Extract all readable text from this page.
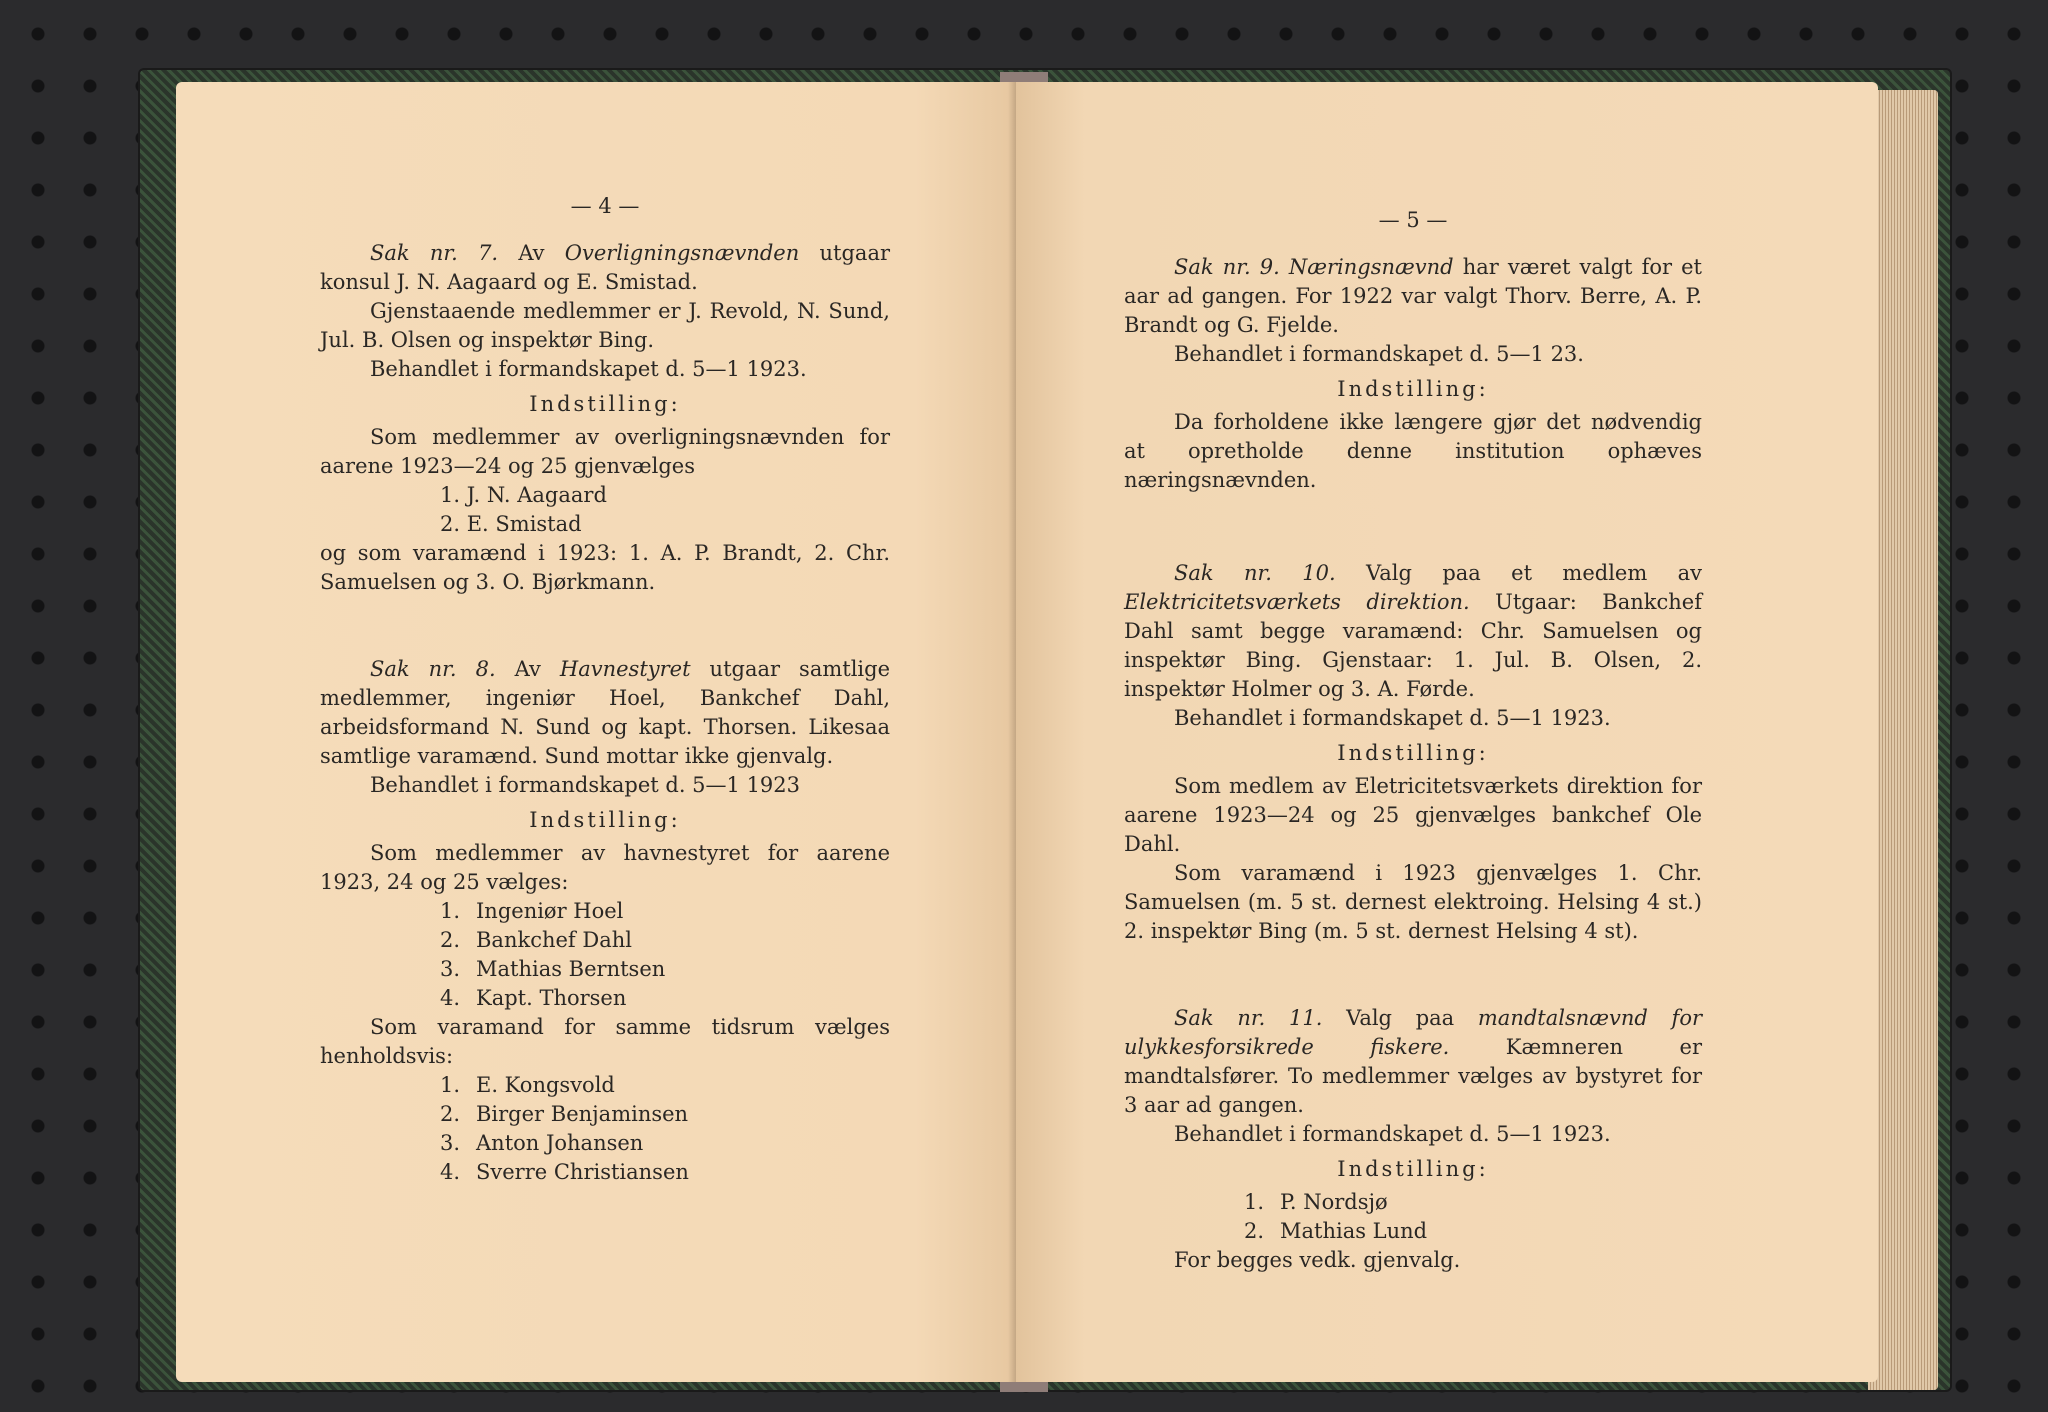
— 4 —

Sak nr. 7. Av Overligningsnævnden utgaar konsul J. N. Aagaard og E. Smistad.

Gjenstaaende medlemmer er J. Revold, N. Sund, Jul. B. Olsen og inspektør Bing.

Behandlet i formandskapet d. 5—1 1923.

Indstilling:

Som medlemmer av overligningsnævnden for aarene 1923—24 og 25 gjenvælges

1. J. N. Aagaard
2. E. Smistad

og som varamænd i 1923: 1. A. P. Brandt, 2. Chr. Samuelsen og 3. O. Bjørkmann.

Sak nr. 8. Av Havnestyret utgaar samtlige medlemmer, ingeniør Hoel, Bankchef Dahl, arbeidsformand N. Sund og kapt. Thorsen. Likesaa samtlige varamænd. Sund mottar ikke gjenvalg.

Behandlet i formandskapet d. 5—1 1923

Indstilling:

Som medlemmer av havnestyret for aarene 1923, 24 og 25 vælges:

1. Ingeniør Hoel
2. Bankchef Dahl
3. Mathias Berntsen
4. Kapt. Thorsen

Som varamand for samme tidsrum vælges henholdsvis:

1. E. Kongsvold
2. Birger Benjaminsen
3. Anton Johansen
4. Sverre Christiansen
— 5 —

Sak nr. 9. Næringsnævnd har været valgt for et aar ad gangen. For 1922 var valgt Thorv. Berre, A. P. Brandt og G. Fjelde.

Behandlet i formandskapet d. 5—1 23.

Indstilling:

Da forholdene ikke længere gjør det nødvendig at opretholde denne institution ophæves næringsnævnden.

Sak nr. 10. Valg paa et medlem av Elektricitetsværkets direktion. Utgaar: Bankchef Dahl samt begge varamænd: Chr. Samuelsen og inspektør Bing. Gjenstaar: 1. Jul. B. Olsen, 2. inspektør Holmer og 3. A. Førde.

Behandlet i formandskapet d. 5—1 1923.

Indstilling:

Som medlem av Eletricitetsværkets direktion for aarene 1923—24 og 25 gjenvælges bankchef Ole Dahl.

Som varamænd i 1923 gjenvælges 1. Chr. Samuelsen (m. 5 st. dernest elektroing. Helsing 4 st.) 2. inspektør Bing (m. 5 st. dernest Helsing 4 st).

Sak nr. 11. Valg paa mandtalsnævnd for ulykkesforsikrede fiskere. Kæmneren er mandtalsfører. To medlemmer vælges av bystyret for 3 aar ad gangen.

Behandlet i formandskapet d. 5—1 1923.

Indstilling:
1. P. Nordsjø
2. Mathias Lund

For begges vedk. gjenvalg.
